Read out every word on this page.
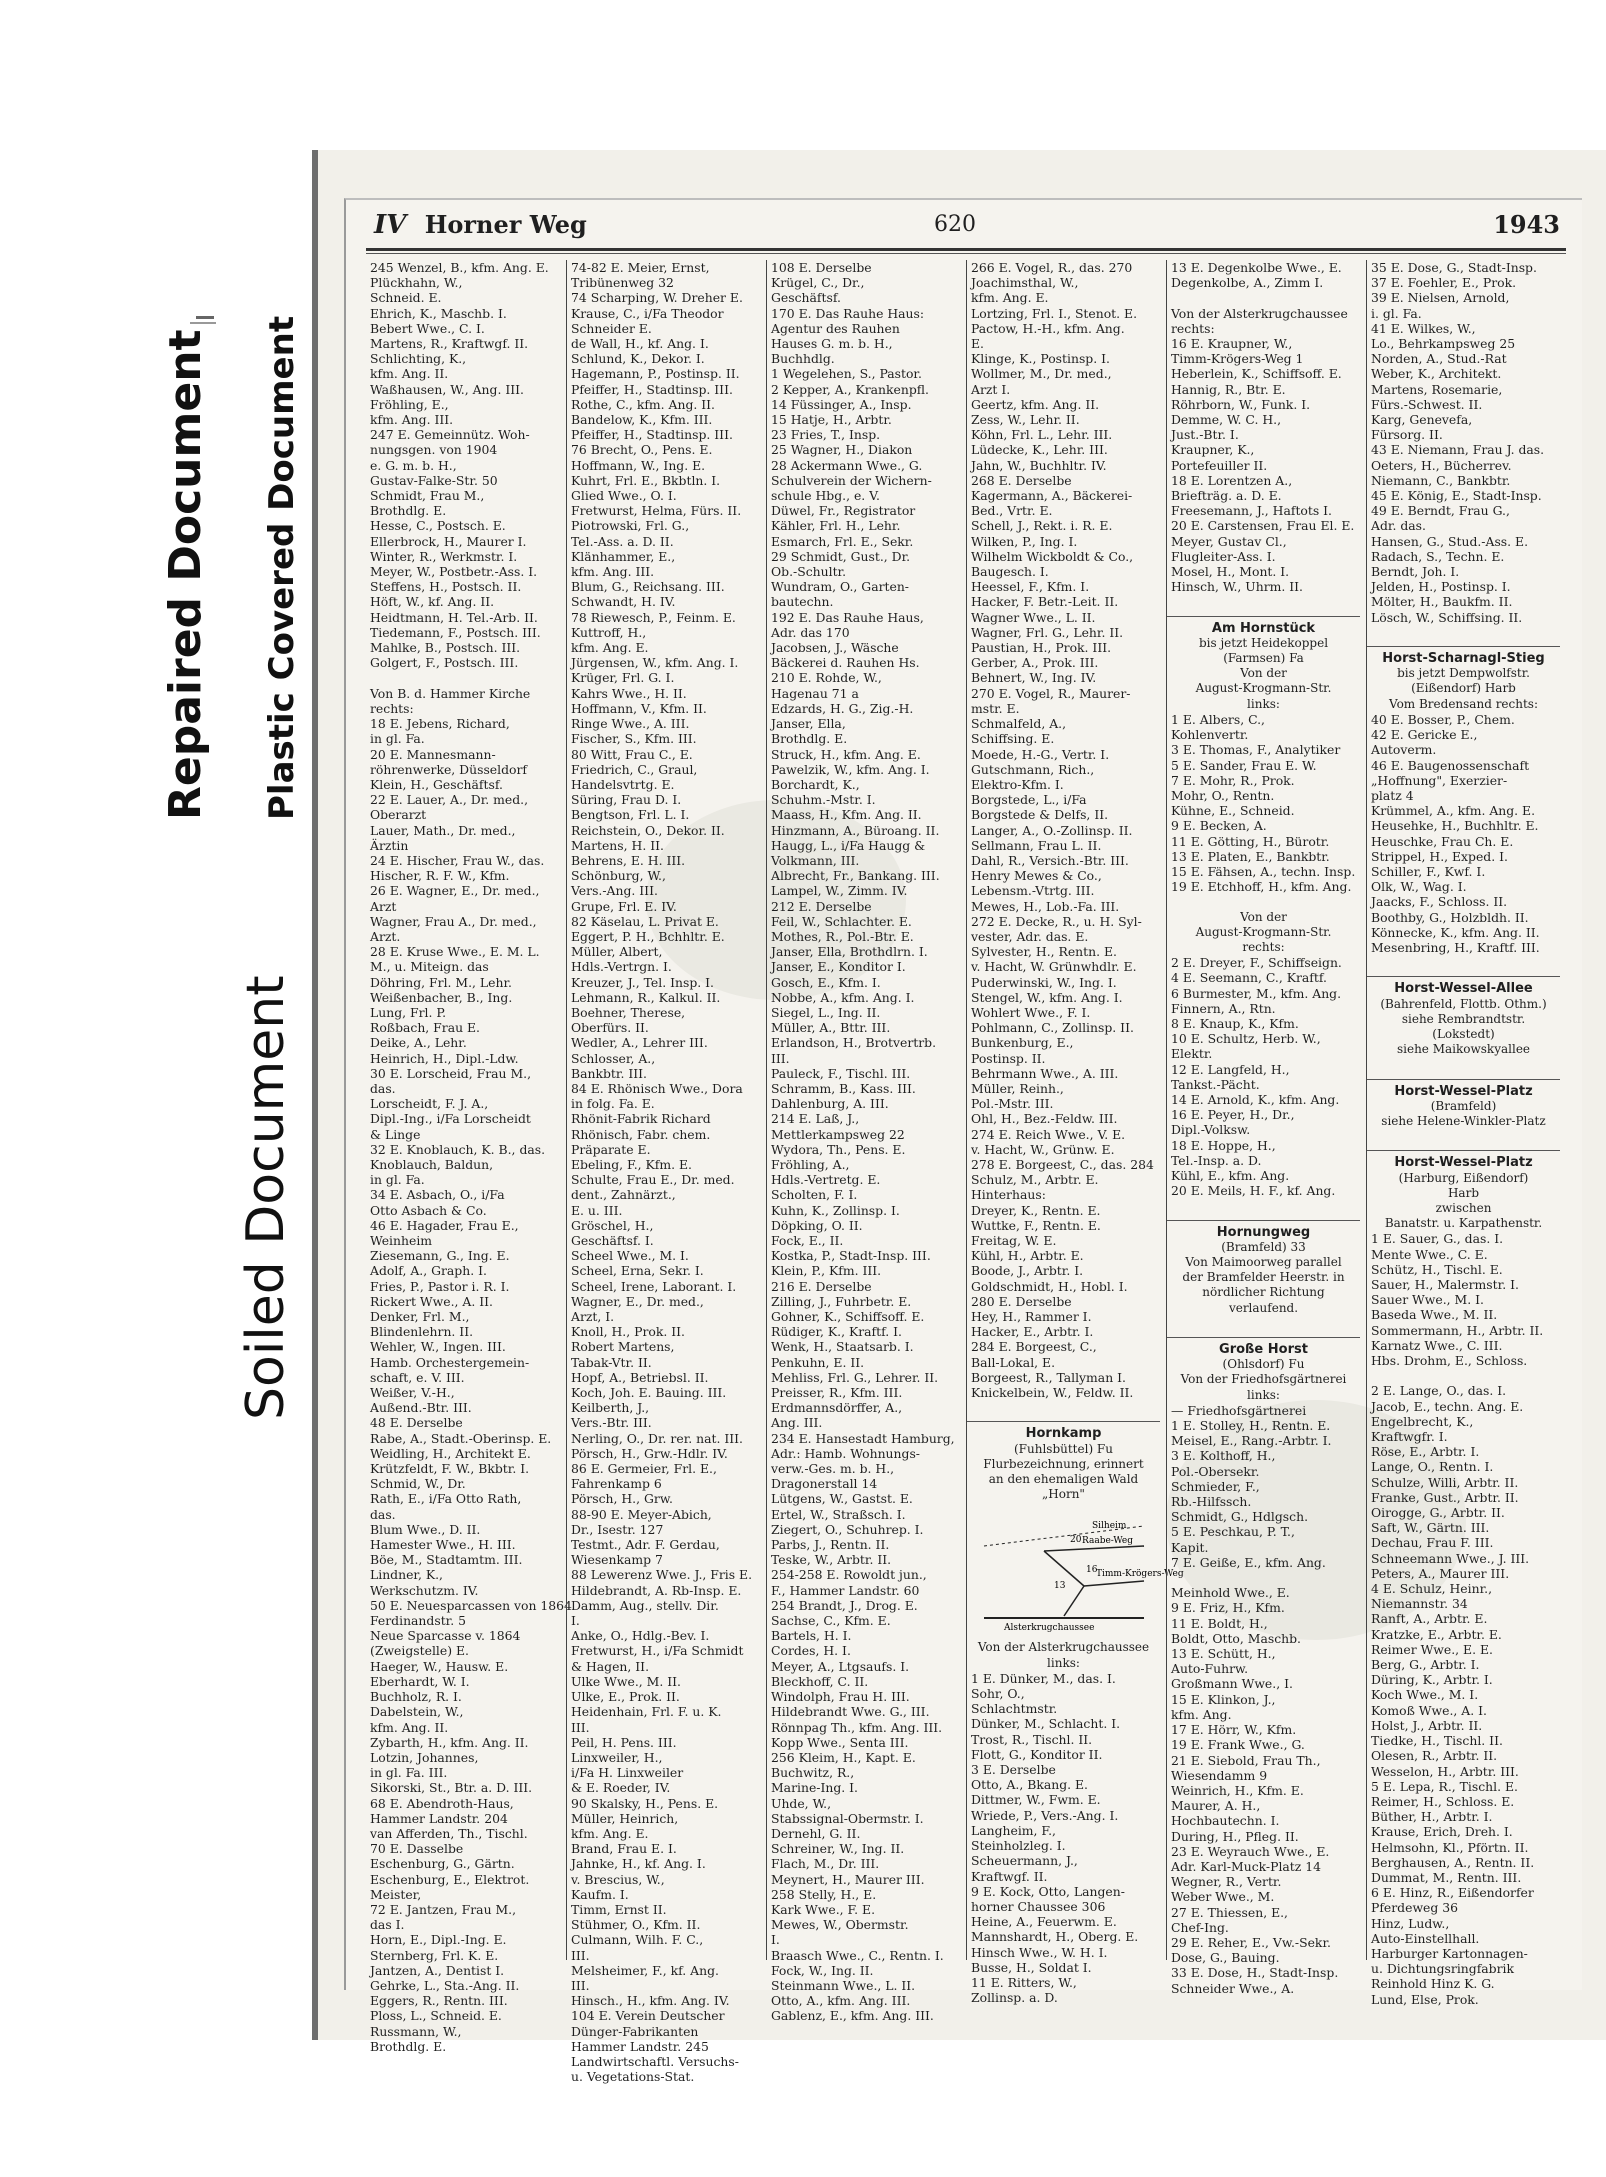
Repaired Document Plastic Covered Document
Soiled Document
IV Horner Weg	620	1943
245 Wenzel, B., kfm. Ang. E.
Plückhahn, W.,
Schneid. E.
Ehrich, K., Maschb. I.
Bebert Wwe., C. I.
Martens, R., Kraftwgf. II.
Schlichting, K.,
kfm. Ang. II.
Waßhausen, W., Ang. III.
Fröhling, E.,
kfm. Ang. III.
247 E. Gemeinnütz. Woh-
nungsgen. von 1904
e. G. m. b. H.,
Gustav-Falke-Str. 50
Schmidt, Frau M.,
Brothdlg. E.
Hesse, C., Postsch. E.
Ellerbrock, H., Maurer I.
Winter, R., Werkmstr. I.
Meyer, W., Postbetr.-Ass. I.
Steffens, H., Postsch. II.
Höft, W., kf. Ang. II.
Heidtmann, H. Tel.-Arb. II.
Tiedemann, F., Postsch. III.
Mahlke, B., Postsch. III.
Golgert, F., Postsch. III.

Von B. d. Hammer Kirche
rechts:
18 E. Jebens, Richard,
in gl. Fa.
20 E. Mannesmann-
röhrenwerke, Düsseldorf
Klein, H., Geschäftsf.
22 E. Lauer, A., Dr. med.,
Oberarzt
Lauer, Math., Dr. med.,
Ärztin
24 E. Hischer, Frau W., das.
Hischer, R. F. W., Kfm.
26 E. Wagner, E., Dr. med.,
Arzt
Wagner, Frau A., Dr. med.,
Arzt.
28 E. Kruse Wwe., E. M. L.
M., u. Miteign. das
Döhring, Frl. M., Lehr.
Weißenbacher, B., Ing.
Lung, Frl. P.
Roßbach, Frau E.
Deike, A., Lehr.
Heinrich, H., Dipl.-Ldw.
30 E. Lorscheid, Frau M.,
das.
Lorscheidt, F. J. A.,
Dipl.-Ing., i/Fa Lorscheidt
& Linge
32 E. Knoblauch, K. B., das.
Knoblauch, Baldun,
in gl. Fa.
34 E. Asbach, O., i/Fa
Otto Asbach & Co.
46 E. Hagader, Frau E.,
Weinheim
Ziesemann, G., Ing. E.
Adolf, A., Graph. I.
Fries, P., Pastor i. R. I.
Rickert Wwe., A. II.
Denker, Frl. M.,
Blindenlehrn. II.
Wehler, W., Ingen. III.
Hamb. Orchestergemein-
schaft, e. V. III.
Weißer, V.-H.,
Außend.-Btr. III.
48 E. Derselbe
Rabe, A., Stadt.-Oberinsp. E.
Weidling, H., Architekt E.
Krützfeldt, F. W., Bkbtr. I.
Schmid, W., Dr.
Rath, E., i/Fa Otto Rath,
das.
Blum Wwe., D. II.
Hamester Wwe., H. III.
Böe, M., Stadtamtm. III.
Lindner, K.,
Werkschutzm. IV.
50 E. Neuesparcassen von 1864
Ferdinandstr. 5
Neue Sparcasse v. 1864
(Zweigstelle) E.
Haeger, W., Hausw. E.
Eberhardt, W. I.
Buchholz, R. I.
Dabelstein, W.,
kfm. Ang. II.
Zybarth, H., kfm. Ang. II.
Lotzin, Johannes,
in gl. Fa. III.
Sikorski, St., Btr. a. D. III.
68 E. Abendroth-Haus,
Hammer Landstr. 204
van Afferden, Th., Tischl.
70 E. Dasselbe
Eschenburg, G., Gärtn.
Eschenburg, E., Elektrot.
Meister,
72 E. Jantzen, Frau M.,
das I.
Horn, E., Dipl.-Ing. E.
Sternberg, Frl. K. E.
Jantzen, A., Dentist I.
Gehrke, L., Sta.-Ang. II.
Eggers, R., Rentn. III.
Ploss, L., Schneid. E.
Russmann, W.,
Brothdlg. E.
74-82 E. Meier, Ernst,
Tribünenweg 32
74 Scharping, W. Dreher E.
Krause, C., i/Fa Theodor
Schneider E.
de Wall, H., kf. Ang. I.
Schlund, K., Dekor. I.
Hagemann, P., Postinsp. II.
Pfeiffer, H., Stadtinsp. III.
Rothe, C., kfm. Ang. II.
Bandelow, K., Kfm. III.
Pfeiffer, H., Stadtinsp. III.
76 Brecht, O., Pens. E.
Hoffmann, W., Ing. E.
Kuhrt, Frl. E., Bkbtln. I.
Glied Wwe., O. I.
Fretwurst, Helma, Fürs. II.
Piotrowski, Frl. G.,
Tel.-Ass. a. D. II.
Klänhammer, E.,
kfm. Ang. III.
Blum, G., Reichsang. III.
Schwandt, H. IV.
78 Riewesch, P., Feinm. E.
Kuttroff, H.,
kfm. Ang. E.
Jürgensen, W., kfm. Ang. I.
Krüger, Frl. G. I.
Kahrs Wwe., H. II.
Hoffmann, V., Kfm. II.
Ringe Wwe., A. III.
Fischer, S., Kfm. III.
80 Witt, Frau C., E.
Friedrich, C., Graul,
Handelsvtrtg. E.
Süring, Frau D. I.
Bengtson, Frl. L. I.
Reichstein, O., Dekor. II.
Martens, H. II.
Behrens, E. H. III.
Schönburg, W.,
Vers.-Ang. III.
Grupe, Frl. E. IV.
82 Käselau, L. Privat E.
Eggert, P. H., Bchhltr. E.
Müller, Albert,
Hdls.-Vertrgn. I.
Kreuzer, J., Tel. Insp. I.
Lehmann, R., Kalkul. II.
Boehner, Therese,
Oberfürs. II.
Wedler, A., Lehrer III.
Schlosser, A.,
Bankbtr. III.
84 E. Rhönisch Wwe., Dora
in folg. Fa. E.
Rhönit-Fabrik Richard
Rhönisch, Fabr. chem.
Präparate E.
Ebeling, F., Kfm. E.
Schulte, Frau E., Dr. med.
dent., Zahnärzt.,
E. u. III.
Gröschel, H.,
Geschäftsf. I.
Scheel Wwe., M. I.
Scheel, Erna, Sekr. I.
Scheel, Irene, Laborant. I.
Wagner, E., Dr. med.,
Arzt, I.
Knoll, H., Prok. II.
Robert Martens,
Tabak-Vtr. II.
Hopf, A., Betriebsl. II.
Koch, Joh. E. Bauing. III.
Keilberth, J.,
Vers.-Btr. III.
Nerling, O., Dr. rer. nat. III.
Pörsch, H., Grw.-Hdlr. IV.
86 E. Germeier, Frl. E.,
Fahrenkamp 6
Pörsch, H., Grw.
88-90 E. Meyer-Abich,
Dr., Isestr. 127
Testmt., Adr. F. Gerdau,
Wiesenkamp 7
88 Lewerenz Wwe. J., Fris E.
Hildebrandt, A. Rb-Insp. E.
Damm, Aug., stellv. Dir.
I.
Anke, O., Hdlg.-Bev. I.
Fretwurst, H., i/Fa Schmidt
& Hagen, II.
Ulke Wwe., M. II.
Ulke, E., Prok. II.
Heidenhain, Frl. F. u. K.
III.
Peil, H. Pens. III.
Linxweiler, H.,
i/Fa H. Linxweiler
& E. Roeder, IV.
90 Skalsky, H., Pens. E.
Müller, Heinrich,
kfm. Ang. E.
Brand, Frau E. I.
Jahnke, H., kf. Ang. I.
v. Brescius, W.,
Kaufm. I.
Timm, Ernst II.
Stühmer, O., Kfm. II.
Culmann, Wilh. F. C.,
III.
Melsheimer, F., kf. Ang.
III.
Hinsch., H., kfm. Ang. IV.
104 E. Verein Deutscher
Dünger-Fabrikanten
Hammer Landstr. 245
Landwirtschaftl. Versuchs-
u. Vegetations-Stat.
108 E. Derselbe
Krügel, C., Dr.,
Geschäftsf.
170 E. Das Rauhe Haus:
Agentur des Rauhen
Hauses G. m. b. H.,
Buchhdlg.
1 Wegelehen, S., Pastor.
2 Kepper, A., Krankenpfl.
14 Füssinger, A., Insp.
15 Hatje, H., Arbtr.
23 Fries, T., Insp.
25 Wagner, H., Diakon
28 Ackermann Wwe., G.
Schulverein der Wichern-
schule Hbg., e. V.
Düwel, Fr., Registrator
Kähler, Frl. H., Lehr.
Esmarch, Frl. E., Sekr.
29 Schmidt, Gust., Dr.
Ob.-Schultr.
Wundram, O., Garten-
bautechn.
192 E. Das Rauhe Haus,
Adr. das 170
Jacobsen, J., Wäsche
Bäckerei d. Rauhen Hs.
210 E. Rohde, W.,
Hagenau 71 a
Edzards, H. G., Zig.-H.
Janser, Ella,
Brothdlg. E.
Struck, H., kfm. Ang. E.
Pawelzik, W., kfm. Ang. I.
Borchardt, K.,
Schuhm.-Mstr. I.
Maass, H., Kfm. Ang. II.
Hinzmann, A., Büroang. II.
Haugg, L., i/Fa Haugg &
Volkmann, III.
Albrecht, Fr., Bankang. III.
Lampel, W., Zimm. IV.
212 E. Derselbe
Feil, W., Schlachter. E.
Mothes, R., Pol.-Btr. E.
Janser, Ella, Brothdlrn. I.
Janser, E., Konditor I.
Gosch, E., Kfm. I.
Nobbe, A., kfm. Ang. I.
Siegel, L., Ing. II.
Müller, A., Bttr. III.
Erlandson, H., Brotvertrb.
III.
Pauleck, F., Tischl. III.
Schramm, B., Kass. III.
Dahlenburg, A. III.
214 E. Laß, J.,
Mettlerkampsweg 22
Wydora, Th., Pens. E.
Fröhling, A.,
Hdls.-Vertretg. E.
Scholten, F. I.
Kuhn, K., Zollinsp. I.
Döpking, O. II.
Fock, E., II.
Kostka, P., Stadt-Insp. III.
Klein, P., Kfm. III.
216 E. Derselbe
Zilling, J., Fuhrbetr. E.
Gohner, K., Schiffsoff. E.
Rüdiger, K., Kraftf. I.
Wenk, H., Staatsarb. I.
Penkuhn, E. II.
Mehliss, Frl. G., Lehrer. II.
Preisser, R., Kfm. III.
Erdmannsdörffer, A.,
Ang. III.
234 E. Hansestadt Hamburg,
Adr.: Hamb. Wohnungs-
verw.-Ges. m. b. H.,
Dragonerstall 14
Lütgens, W., Gastst. E.
Ertel, W., Straßsch. I.
Ziegert, O., Schuhrep. I.
Parbs, J., Rentn. II.
Teske, W., Arbtr. II.
254-258 E. Rowoldt jun.,
F., Hammer Landstr. 60
254 Brandt, J., Drog. E.
Sachse, C., Kfm. E.
Bartels, H. I.
Cordes, H. I.
Meyer, A., Ltgsaufs. I.
Bleckhoff, C. II.
Windolph, Frau H. III.
Hildebrandt Wwe. G., III.
Rönnpag Th., kfm. Ang. III.
Kopp Wwe., Senta III.
256 Kleim, H., Kapt. E.
Buchwitz, R.,
Marine-Ing. I.
Uhde, W.,
Stabssignal-Obermstr. I.
Dernehl, G. II.
Schreiner, W., Ing. II.
Flach, M., Dr. III.
Meynert, H., Maurer III.
258 Stelly, H., E.
Kark Wwe., F. E.
Mewes, W., Obermstr.
I.
Braasch Wwe., C., Rentn. I.
Fock, W., Ing. II.
Steinmann Wwe., L. II.
Otto, A., kfm. Ang. III.
Gablenz, E., kfm. Ang. III.
266 E. Vogel, R., das. 270
Joachimsthal, W.,
kfm. Ang. E.
Lortzing, Frl. I., Stenot. E.
Pactow, H.-H., kfm. Ang.
E.
Klinge, K., Postinsp. I.
Wollmer, M., Dr. med.,
Arzt I.
Geertz, kfm. Ang. II.
Zess, W., Lehr. II.
Köhn, Frl. L., Lehr. III.
Lüdecke, K., Lehr. III.
Jahn, W., Buchhltr. IV.
268 E. Derselbe
Kagermann, A., Bäckerei-
Bed., Vrtr. E.
Schell, J., Rekt. i. R. E.
Wilken, P., Ing. I.
Wilhelm Wickboldt & Co.,
Baugesch. I.
Heessel, F., Kfm. I.
Hacker, F. Betr.-Leit. II.
Wagner Wwe., L. II.
Wagner, Frl. G., Lehr. II.
Paustian, H., Prok. III.
Gerber, A., Prok. III.
Behnert, W., Ing. IV.
270 E. Vogel, R., Maurer-
mstr. E.
Schmalfeld, A.,
Schiffsing. E.
Moede, H.-G., Vertr. I.
Gutschmann, Rich.,
Elektro-Kfm. I.
Borgstede, L., i/Fa
Borgstede & Delfs, II.
Langer, A., O.-Zollinsp. II.
Sellmann, Frau L. II.
Dahl, R., Versich.-Btr. III.
Henry Mewes & Co.,
Lebensm.-Vtrtg. III.
Mewes, H., Lob.-Fa. III.
272 E. Decke, R., u. H. Syl-
vester, Adr. das. E.
Sylvester, H., Rentn. E.
v. Hacht, W. Grünwhdlr. E.
Puderwinski, W., Ing. I.
Stengel, W., kfm. Ang. I.
Wohlert Wwe., F. I.
Pohlmann, C., Zollinsp. II.
Bunkenburg, E.,
Postinsp. II.
Behrmann Wwe., A. III.
Müller, Reinh.,
Pol.-Mstr. III.
Ohl, H., Bez.-Feldw. III.
274 E. Reich Wwe., V. E.
v. Hacht, W., Grünw. E.
278 E. Borgeest, C., das. 284
Schulz, M., Arbtr. E.
Hinterhaus:
Dreyer, K., Rentn. E.
Wuttke, F., Rentn. E.
Freitag, W. E.
Kühl, H., Arbtr. E.
Boode, J., Arbtr. I.
Goldschmidt, H., Hobl. I.
280 E. Derselbe
Hey, H., Rammer I.
Hacker, E., Arbtr. I.
284 E. Borgeest, C.,
Ball-Lokal, E.
Borgeest, R., Tallyman I.
Knickelbein, W., Feldw. II.

Hornkamp
(Fuhlsbüttel) Fu
Flurbezeichnung, erinnert
an den ehemaligen Wald
„Horn"
Silheim
Raabe-Weg
Timm-Krögers-Weg
Alsterkrugchaussee
20
16
13
Von der Alsterkrugchaussee
links:
1 E. Dünker, M., das. I.
Sohr, O.,
Schlachtmstr.
Dünker, M., Schlacht. I.
Trost, R., Tischl. II.
Flott, G., Konditor II.
3 E. Derselbe
Otto, A., Bkang. E.
Dittmer, W., Fwm. E.
Wriede, P., Vers.-Ang. I.
Langheim, F.,
Steinholzleg. I.
Scheuermann, J.,
Kraftwgf. II.
9 E. Kock, Otto, Langen-
horner Chaussee 306
Heine, A., Feuerwm. E.
Mannshardt, H., Oberg. E.
Hinsch Wwe., W. H. I.
Busse, H., Soldat I.
11 E. Ritters, W.,
Zollinsp. a. D.
13 E. Degenkolbe Wwe., E.
Degenkolbe, A., Zimm I.

Von der Alsterkrugchaussee
rechts:
16 E. Kraupner, W.,
Timm-Krögers-Weg 1
Heberlein, K., Schiffsoff. E.
Hannig, R., Btr. E.
Röhrborn, W., Funk. I.
Demme, W. C. H.,
Just.-Btr. I.
Kraupner, K.,
Portefeuiller II.
18 E. Lorentzen A.,
Briefträg. a. D. E.
Freesemann, J., Haftots I.
20 E. Carstensen, Frau El. E.
Meyer, Gustav Cl.,
Flugleiter-Ass. I.
Mosel, H., Mont. I.
Hinsch, W., Uhrm. II.

Am Hornstück
bis jetzt Heidekoppel
(Farmsen) Fa
Von der
August-Krogmann-Str.
links:
1 E. Albers, C.,
Kohlenvertr.
3 E. Thomas, F., Analytiker
5 E. Sander, Frau E. W.
7 E. Mohr, R., Prok.
Mohr, O., Rentn.
Kühne, E., Schneid.
9 E. Becken, A.
11 E. Götting, H., Bürotr.
13 E. Platen, E., Bankbtr.
15 E. Fähsen, A., techn. Insp.
19 E. Etchhoff, H., kfm. Ang.

Von der
August-Krogmann-Str.
rechts:
2 E. Dreyer, F., Schiffseign.
4 E. Seemann, C., Kraftf.
6 Burmester, M., kfm. Ang.
Finnern, A., Rtn.
8 E. Knaup, K., Kfm.
10 E. Schultz, Herb. W.,
Elektr.
12 E. Langfeld, H.,
Tankst.-Pächt.
14 E. Arnold, K., kfm. Ang.
16 E. Peyer, H., Dr.,
Dipl.-Volksw.
18 E. Hoppe, H.,
Tel.-Insp. a. D.
Kühl, E., kfm. Ang.
20 E. Meils, H. F., kf. Ang.

Hornungweg
(Bramfeld) 33
Von Maimoorweg parallel
der Bramfelder Heerstr. in
nördlicher Richtung
verlaufend.

Große Horst
(Ohlsdorf) Fu
Von der Friedhofsgärtnerei
links:
— Friedhofsgärtnerei
1 E. Stolley, H., Rentn. E.
Meisel, E., Rang.-Arbtr. I.
3 E. Kolthoff, H.,
Pol.-Obersekr.
Schmieder, F.,
Rb.-Hilfssch.
Schmidt, G., Hdlgsch.
5 E. Peschkau, P. T.,
Kapit.
7 E. Geiße, E., kfm. Ang.

Meinhold Wwe., E.
9 E. Friz, H., Kfm.
11 E. Boldt, H.,
Boldt, Otto, Maschb.
13 E. Schütt, H.,
Auto-Fuhrw.
Großmann Wwe., I.
15 E. Klinkon, J.,
kfm. Ang.
17 E. Hörr, W., Kfm.
19 E. Frank Wwe., G.
21 E. Siebold, Frau Th.,
Wiesendamm 9
Weinrich, H., Kfm. E.
Maurer, A. H.,
Hochbautechn. I.
During, H., Pfleg. II.
23 E. Weyrauch Wwe., E.
Adr. Karl-Muck-Platz 14
Wegner, R., Vertr.
Weber Wwe., M.
27 E. Thiessen, E.,
Chef-Ing.
29 E. Reher, E., Vw.-Sekr.
Dose, G., Bauing.
33 E. Dose, H., Stadt-Insp.
Schneider Wwe., A.
35 E. Dose, G., Stadt-Insp.
37 E. Foehler, E., Prok.
39 E. Nielsen, Arnold,
i. gl. Fa.
41 E. Wilkes, W.,
Lo., Behrkampsweg 25
Norden, A., Stud.-Rat
Weber, K., Architekt.
Martens, Rosemarie,
Fürs.-Schwest. II.
Karg, Genevefa,
Fürsorg. II.
43 E. Niemann, Frau J. das.
Oeters, H., Bücherrev.
Niemann, C., Bankbtr.
45 E. König, E., Stadt-Insp.
49 E. Berndt, Frau G.,
Adr. das.
Hansen, G., Stud.-Ass. E.
Radach, S., Techn. E.
Berndt, Joh. I.
Jelden, H., Postinsp. I.
Mölter, H., Baukfm. II.
Lösch, W., Schiffsing. II.

Horst-Scharnagl-Stieg
bis jetzt Dempwolfstr.
(Eißendorf) Harb
Vom Bredensand rechts:
40 E. Bosser, P., Chem.
42 E. Gericke E.,
Autoverm.
46 E. Baugenossenschaft
„Hoffnung", Exerzier-
platz 4
Krümmel, A., kfm. Ang. E.
Heusehke, H., Buchhltr. E.
Heuschke, Frau Ch. E.
Strippel, H., Exped. I.
Schiller, F., Kwf. I.
Olk, W., Wag. I.
Jaacks, F., Schloss. II.
Boothby, G., Holzbldh. II.
Könnecke, K., kfm. Ang. II.
Mesenbring, H., Kraftf. III.

Horst-Wessel-Allee
(Bahrenfeld, Flottb. Othm.)
siehe Rembrandtstr.
(Lokstedt)
siehe Maikowskyallee

Horst-Wessel-Platz
(Bramfeld)
siehe Helene-Winkler-Platz

Horst-Wessel-Platz
(Harburg, Eißendorf)
Harb
zwischen
Banatstr. u. Karpathenstr.
1 E. Sauer, G., das. I.
Mente Wwe., C. E.
Schütz, H., Tischl. E.
Sauer, H., Malermstr. I.
Sauer Wwe., M. I.
Baseda Wwe., M. II.
Sommermann, H., Arbtr. II.
Karnatz Wwe., C. III.
Hbs. Drohm, E., Schloss.

2 E. Lange, O., das. I.
Jacob, E., techn. Ang. E.
Engelbrecht, K.,
Kraftwgfr. I.
Röse, E., Arbtr. I.
Lange, O., Rentn. I.
Schulze, Willi, Arbtr. II.
Franke, Gust., Arbtr. II.
Oirogge, G., Arbtr. II.
Saft, W., Gärtn. III.
Dechau, Frau F. III.
Schneemann Wwe., J. III.
Peters, A., Maurer III.
4 E. Schulz, Heinr.,
Niemannstr. 34
Ranft, A., Arbtr. E.
Kratzke, E., Arbtr. E.
Reimer Wwe., E. E.
Berg, G., Arbtr. I.
Düring, K., Arbtr. I.
Koch Wwe., M. I.
Komoß Wwe., A. I.
Holst, J., Arbtr. II.
Tiedke, H., Tischl. II.
Olesen, R., Arbtr. II.
Wesselon, H., Arbtr. III.
5 E. Lepa, R., Tischl. E.
Reimer, H., Schloss. E.
Büther, H., Arbtr. I.
Krause, Erich, Dreh. I.
Helmsohn, Kl., Pförtn. II.
Berghausen, A., Rentn. II.
Dummat, M., Rentn. III.
6 E. Hinz, R., Eißendorfer
Pferdeweg 36
Hinz, Ludw.,
Auto-Einstellhall.
Harburger Kartonnagen-
u. Dichtungsringfabrik
Reinhold Hinz K. G.
Lund, Else, Prok.
